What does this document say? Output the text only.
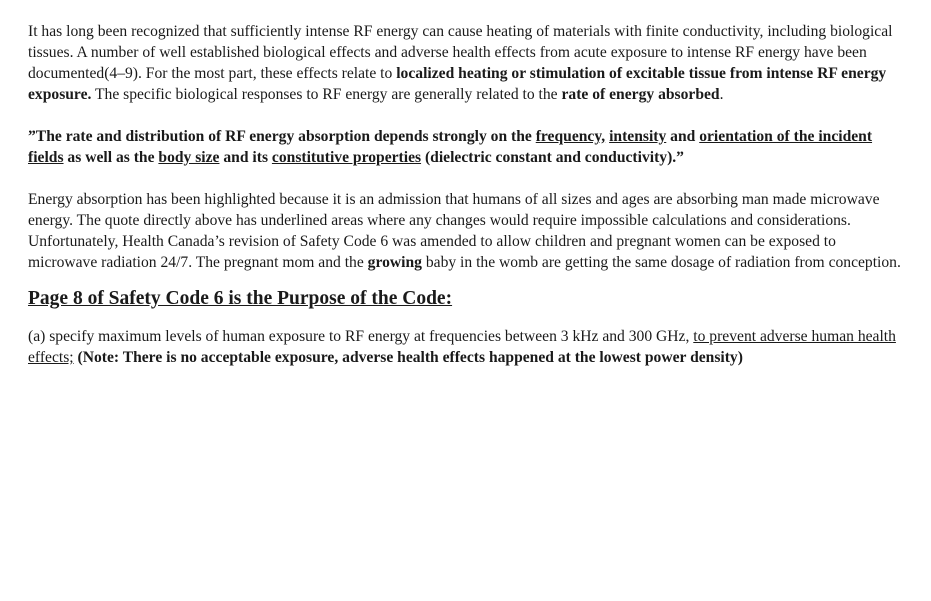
It has long been recognized that sufficiently intense RF energy can cause heating of materials with finite conductivity, including biological tissues. A number of well established biological effects and adverse health effects from acute exposure to intense RF energy have been documented(4–9). For the most part, these effects relate to localized heating or stimulation of excitable tissue from intense RF energy exposure. The specific biological responses to RF energy are generally related to the rate of energy absorbed.

”The rate and distribution of RF energy absorption depends strongly on the frequency, intensity and orientation of the incident fields as well as the body size and its constitutive properties (dielectric constant and conductivity).”

Energy absorption has been highlighted because it is an admission that humans of all sizes and ages are absorbing man made microwave energy. The quote directly above has underlined areas where any changes would require impossible calculations and considerations. Unfortunately, Health Canada’s revision of Safety Code 6 was amended to allow children and pregnant women can be exposed to microwave radiation 24/7. The pregnant mom and the growing baby in the womb are getting the same dosage of radiation from conception.

Page 8 of Safety Code 6 is the Purpose of the Code:

(a) specify maximum levels of human exposure to RF energy at frequencies between 3 kHz and 300 GHz, to prevent adverse human health effects; (Note: There is no acceptable exposure, adverse health effects happened at the lowest power density)
